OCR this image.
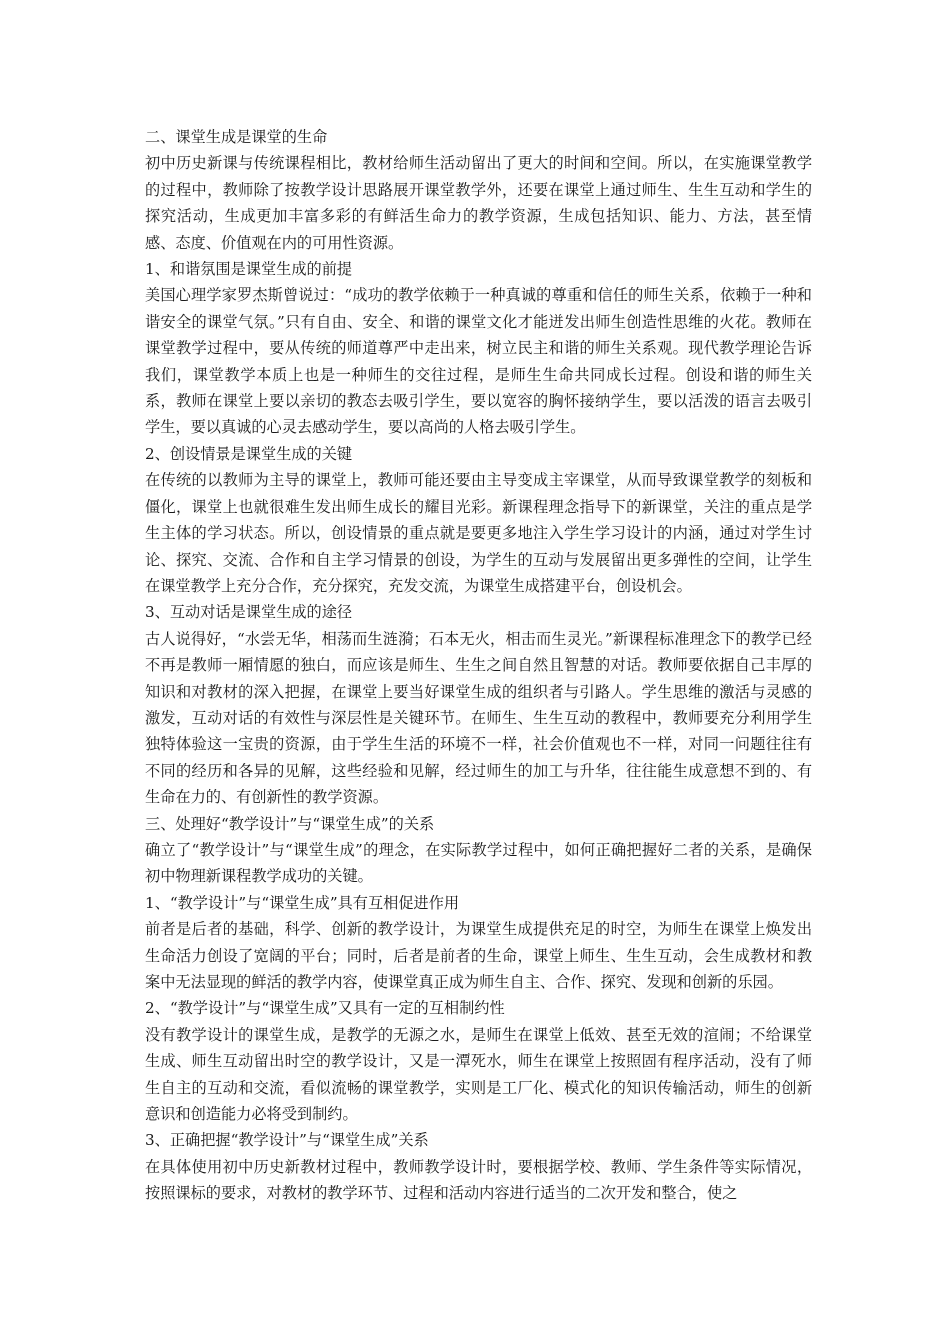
二、课堂生成是课堂的生命

初中历史新课与传统课程相比，教材给师生活动留出了更大的时间和空间。所以，在实施课堂教学的过程中，教师除了按教学设计思路展开课堂教学外，还要在课堂上通过师生、生生互动和学生的探究活动，生成更加丰富多彩的有鲜活生命力的教学资源，生成包括知识、能力、方法，甚至情感、态度、价值观在内的可用性资源。

1、和谐氛围是课堂生成的前提

美国心理学家罗杰斯曾说过：“成功的教学依赖于一种真诚的尊重和信任的师生关系，依赖于一种和谐安全的课堂气氛。”只有自由、安全、和谐的课堂文化才能迸发出师生创造性思维的火花。教师在课堂教学过程中，要从传统的师道尊严中走出来，树立民主和谐的师生关系观。现代教学理论告诉我们，课堂教学本质上也是一种师生的交往过程，是师生生命共同成长过程。创设和谐的师生关系，教师在课堂上要以亲切的教态去吸引学生，要以宽容的胸怀接纳学生，要以活泼的语言去吸引学生，要以真诚的心灵去感动学生，要以高尚的人格去吸引学生。

2、创设情景是课堂生成的关键

在传统的以教师为主导的课堂上，教师可能还要由主导变成主宰课堂，从而导致课堂教学的刻板和僵化，课堂上也就很难生发出师生成长的耀目光彩。新课程理念指导下的新课堂，关注的重点是学生主体的学习状态。所以，创设情景的重点就是要更多地注入学生学习设计的内涵，通过对学生讨论、探究、交流、合作和自主学习情景的创设，为学生的互动与发展留出更多弹性的空间，让学生在课堂教学上充分合作，充分探究，充发交流，为课堂生成搭建平台，创设机会。

3、互动对话是课堂生成的途径

古人说得好，“水尝无华，相荡而生涟漪；石本无火，相击而生灵光。”新课程标准理念下的教学已经不再是教师一厢情愿的独白，而应该是师生、生生之间自然且智慧的对话。教师要依据自己丰厚的知识和对教材的深入把握，在课堂上要当好课堂生成的组织者与引路人。学生思维的激活与灵感的激发，互动对话的有效性与深层性是关键环节。在师生、生生互动的教程中，教师要充分利用学生独特体验这一宝贵的资源，由于学生生活的环境不一样，社会价值观也不一样，对同一问题往往有不同的经历和各异的见解，这些经验和见解，经过师生的加工与升华，往往能生成意想不到的、有生命在力的、有创新性的教学资源。

三、处理好“教学设计”与“课堂生成”的关系

确立了“教学设计”与“课堂生成”的理念，在实际教学过程中，如何正确把握好二者的关系，是确保初中物理新课程教学成功的关键。

1、“教学设计”与“课堂生成”具有互相促进作用

前者是后者的基础，科学、创新的教学设计，为课堂生成提供充足的时空，为师生在课堂上焕发出生命活力创设了宽阔的平台；同时，后者是前者的生命，课堂上师生、生生互动，会生成教材和教案中无法显现的鲜活的教学内容，使课堂真正成为师生自主、合作、探究、发现和创新的乐园。

2、“教学设计”与“课堂生成”又具有一定的互相制约性

没有教学设计的课堂生成，是教学的无源之水，是师生在课堂上低效、甚至无效的渲闹；不给课堂生成、师生互动留出时空的教学设计，又是一潭死水，师生在课堂上按照固有程序活动，没有了师生自主的互动和交流，看似流畅的课堂教学，实则是工厂化、模式化的知识传输活动，师生的创新意识和创造能力必将受到制约。

3、正确把握“教学设计”与“课堂生成”关系

在具体使用初中历史新教材过程中，教师教学设计时，要根据学校、教师、学生条件等实际情况，按照课标的要求，对教材的教学环节、过程和活动内容进行适当的二次开发和整合，使之
